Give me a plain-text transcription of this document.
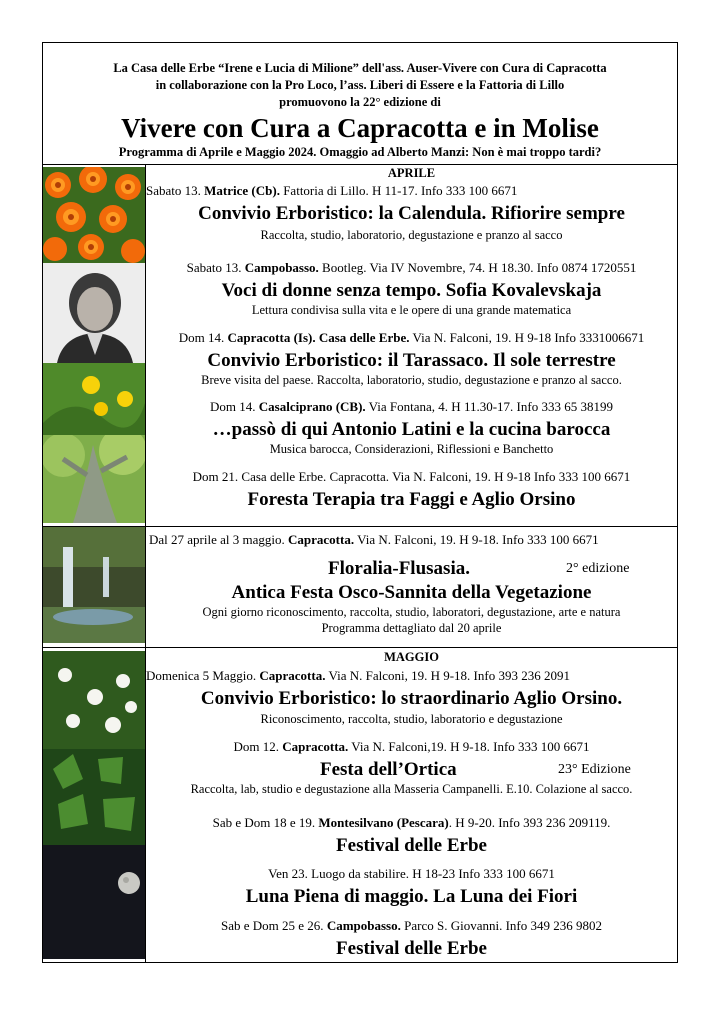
La Casa delle Erbe “Irene e Lucia di Milione” dell'ass. Auser-Vivere con Cura di Capracotta
in collaborazione con la Pro Loco, l’ass. Liberi di Essere e la Fattoria di Lillo
promuovono la 22° edizione di
Vivere con Cura a Capracotta e in Molise
Programma di Aprile e Maggio 2024. Omaggio ad Alberto Manzi: Non è mai troppo tardi?
APRILE
Sabato 13. Matrice (Cb). Fattoria di Lillo. H 11-17. Info 333 100 6671
Convivio Erboristico: la Calendula. Rifiorire sempre
Raccolta, studio, laboratorio, degustazione e pranzo al sacco
Sabato 13. Campobasso. Bootleg. Via IV Novembre, 74. H 18.30. Info 0874 1720551
Voci di donne senza tempo. Sofia Kovalevskaja
Lettura condivisa sulla vita e le opere di una grande matematica
Dom 14. Capracotta (Is). Casa delle Erbe. Via N. Falconi, 19. H 9-18 Info 3331006671
Convivio Erboristico: il Tarassaco. Il sole terrestre
Breve visita del paese. Raccolta, laboratorio, studio, degustazione e pranzo al sacco.
Dom 14. Casalciprano (CB). Via Fontana, 4. H 11.30-17. Info 333 65 38199
…passò di qui Antonio Latini e la cucina barocca
Musica barocca, Considerazioni, Riflessioni e Banchetto
Dom 21. Casa delle Erbe. Capracotta. Via N. Falconi, 19. H 9-18 Info 333 100 6671
Foresta Terapia tra Faggi e Aglio Orsino
Dal 27 aprile al 3 maggio. Capracotta. Via N. Falconi, 19. H 9-18. Info 333 100 6671
Floralia-Flusasia.	2° edizione
Antica Festa Osco-Sannita della Vegetazione
Ogni giorno riconoscimento, raccolta, studio, laboratori, degustazione, arte e natura
Programma dettagliato dal 20 aprile
MAGGIO
Domenica 5 Maggio. Capracotta. Via N. Falconi, 19. H 9-18. Info 393 236 2091
Convivio Erboristico: lo straordinario Aglio Orsino.
Riconoscimento, raccolta, studio, laboratorio e degustazione
Dom 12. Capracotta. Via N. Falconi,19. H 9-18. Info 333 100 6671
Festa dell’Ortica	23° Edizione
Raccolta, lab, studio e degustazione alla Masseria Campanelli. E.10. Colazione al sacco.
Sab e Dom 18 e 19. Montesilvano (Pescara). H 9-20. Info 393 236 209119.
Festival delle Erbe
Ven 23. Luogo da stabilire. H 18-23 Info 333 100 6671
Luna Piena di maggio. La Luna dei Fiori
Sab e Dom 25 e 26. Campobasso. Parco S. Giovanni. Info 349 236 9802
Festival delle Erbe
